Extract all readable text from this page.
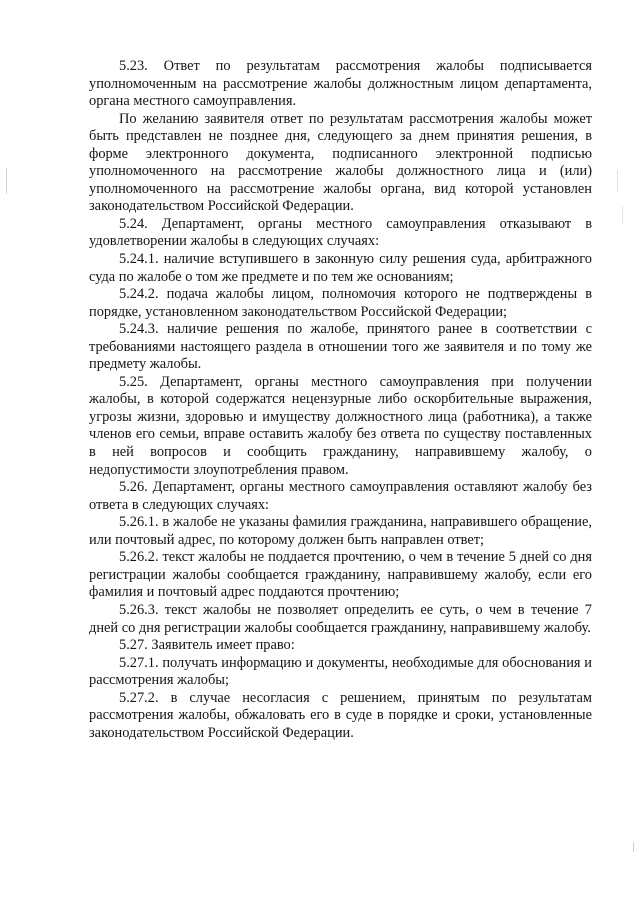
5.23. Ответ по результатам рассмотрения жалобы подписывается уполномоченным на рассмотрение жалобы должностным лицом департамента, органа местного самоуправления.

По желанию заявителя ответ по результатам рассмотрения жалобы может быть представлен не позднее дня, следующего за днем принятия решения, в форме электронного документа, подписанного электронной подписью уполномоченного на рассмотрение жалобы должностного лица и (или) уполномоченного на рассмотрение жалобы органа, вид которой установлен законодательством Российской Федерации.

5.24. Департамент, органы местного самоуправления отказывают в удовлетворении жалобы в следующих случаях:

5.24.1. наличие вступившего в законную силу решения суда, арбитражного суда по жалобе о том же предмете и по тем же основаниям;

5.24.2. подача жалобы лицом, полномочия которого не подтверждены в порядке, установленном законодательством Российской Федерации;

5.24.3. наличие решения по жалобе, принятого ранее в соответствии с требованиями настоящего раздела в отношении того же заявителя и по тому же предмету жалобы.

5.25. Департамент, органы местного самоуправления при получении жалобы, в которой содержатся нецензурные либо оскорбительные выражения, угрозы жизни, здоровью и имуществу должностного лица (работника), а также членов его семьи, вправе оставить жалобу без ответа по существу поставленных в ней вопросов и сообщить гражданину, направившему жалобу, о недопустимости злоупотребления правом.

5.26. Департамент, органы местного самоуправления оставляют жалобу без ответа в следующих случаях:

5.26.1. в жалобе не указаны фамилия гражданина, направившего обращение, или почтовый адрес, по которому должен быть направлен ответ;

5.26.2. текст жалобы не поддается прочтению, о чем в течение 5 дней со дня регистрации жалобы сообщается гражданину, направившему жалобу, если его фамилия и почтовый адрес поддаются прочтению;

5.26.3. текст жалобы не позволяет определить ее суть, о чем в течение 7 дней со дня регистрации жалобы сообщается гражданину, направившему жалобу.

5.27. Заявитель имеет право:

5.27.1. получать информацию и документы, необходимые для обоснования и рассмотрения жалобы;

5.27.2. в случае несогласия с решением, принятым по результатам рассмотрения жалобы, обжаловать его в суде в порядке и сроки, установленные законодательством Российской Федерации.
